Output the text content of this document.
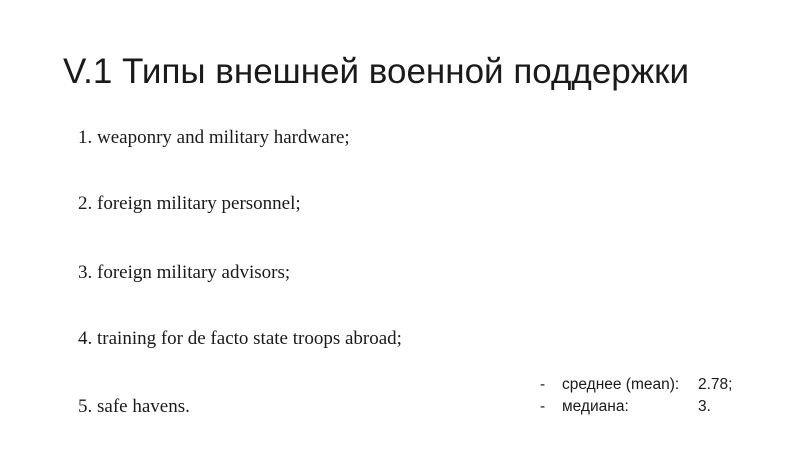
V.1 Типы внешней военной поддержки

1. weaponry and military hardware;

2. foreign military personnel;

3. foreign military advisors;

4. training for de facto state troops abroad;

5. safe havens.

- среднее (mean): 2.78;
- медиана:	3.
